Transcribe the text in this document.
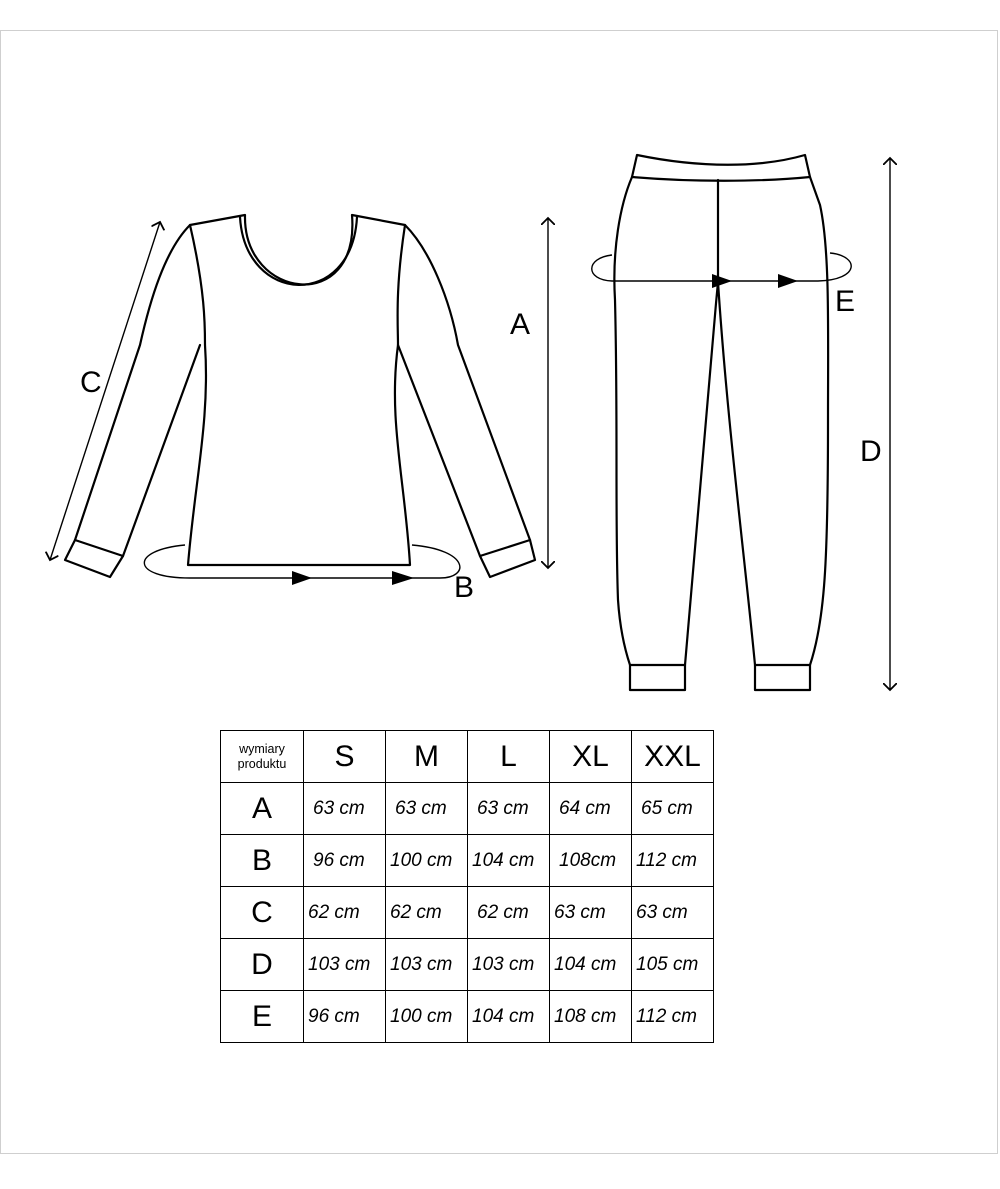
A
C
B
E
D
wymiary
produktu	S	M	L	XL	XXL
A	63 cm	63 cm	63 cm	64 cm	65 cm
B	96 cm	100 cm	104 cm	108cm	112 cm
C	62 cm	62 cm	62 cm	63 cm	63 cm
D	103 cm	103 cm	103 cm	104 cm	105 cm
E	96 cm	100 cm	104 cm	108 cm	112 cm
